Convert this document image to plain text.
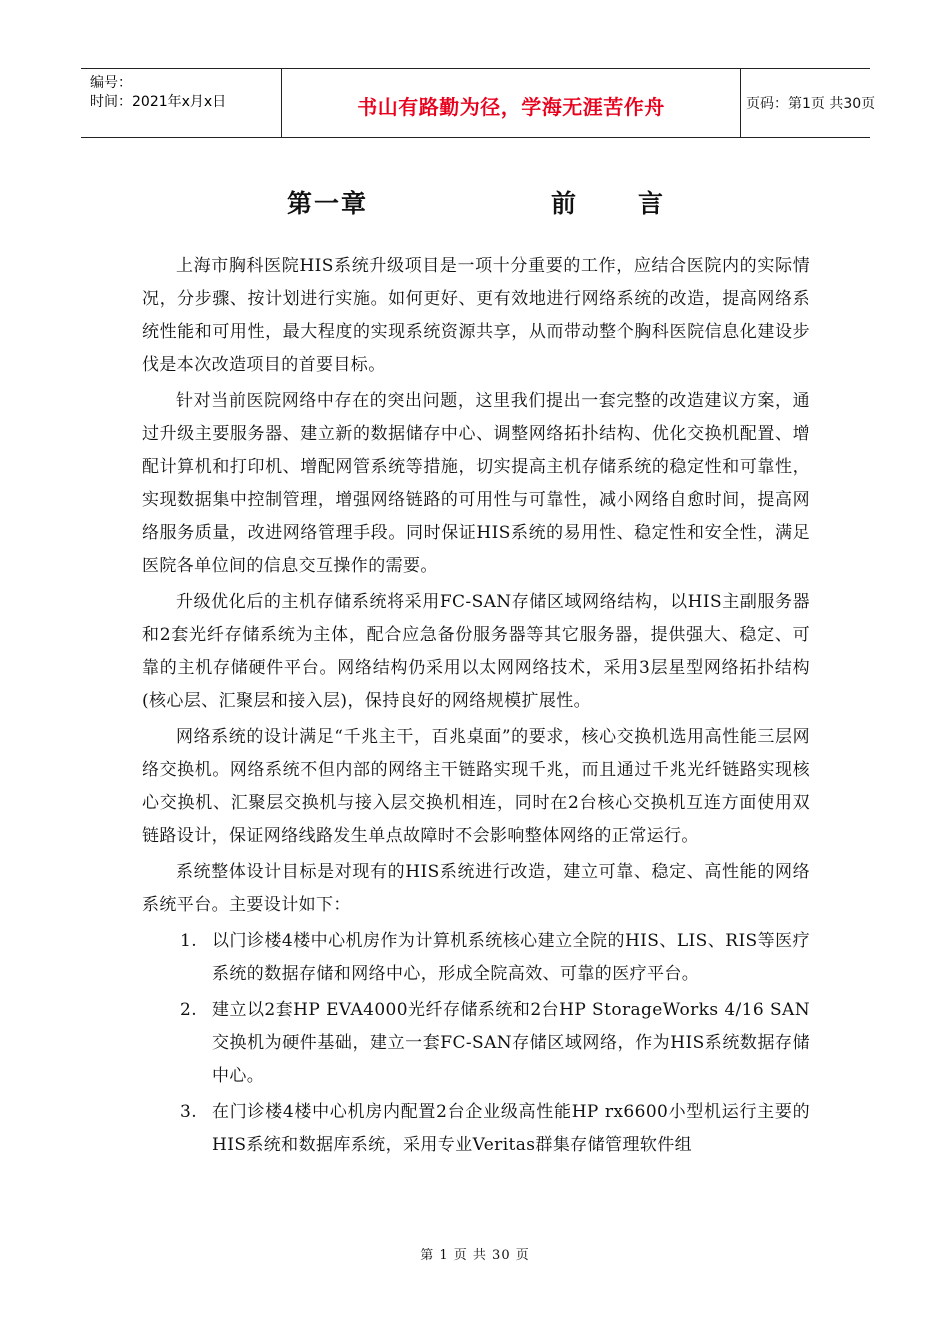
编号：
时间：2021年x月x日	书山有路勤为径，学海无涯苦作舟	页码：第1页 共30页
第一章	前 言

上海市胸科医院HIS系统升级项目是一项十分重要的工作，应结合医院内的实际情况，分步骤、按计划进行实施。如何更好、更有效地进行网络系统的改造，提高网络系统性能和可用性，最大程度的实现系统资源共享，从而带动整个胸科医院信息化建设步伐是本次改造项目的首要目标。

针对当前医院网络中存在的突出问题，这里我们提出一套完整的改造建议方案，通过升级主要服务器、建立新的数据储存中心、调整网络拓扑结构、优化交换机配置、增配计算机和打印机、增配网管系统等措施，切实提高主机存储系统的稳定性和可靠性，实现数据集中控制管理，增强网络链路的可用性与可靠性，减小网络自愈时间，提高网络服务质量，改进网络管理手段。同时保证HIS系统的易用性、稳定性和安全性，满足医院各单位间的信息交互操作的需要。

升级优化后的主机存储系统将采用FC-SAN存储区域网络结构，以HIS主副服务器和2套光纤存储系统为主体，配合应急备份服务器等其它服务器，提供强大、稳定、可靠的主机存储硬件平台。网络结构仍采用以太网网络技术，采用3层星型网络拓扑结构(核心层、汇聚层和接入层)，保持良好的网络规模扩展性。

网络系统的设计满足“千兆主干，百兆桌面”的要求，核心交换机选用高性能三层网络交换机。网络系统不但内部的网络主干链路实现千兆，而且通过千兆光纤链路实现核心交换机、汇聚层交换机与接入层交换机相连，同时在2台核心交换机互连方面使用双链路设计，保证网络线路发生单点故障时不会影响整体网络的正常运行。

系统整体设计目标是对现有的HIS系统进行改造，建立可靠、稳定、高性能的网络系统平台。主要设计如下：

1. 以门诊楼4楼中心机房作为计算机系统核心建立全院的HIS、LIS、RIS等医疗系统的数据存储和网络中心，形成全院高效、可靠的医疗平台。
2. 建立以2套HP EVA4000光纤存储系统和2台HP StorageWorks 4/16 SAN 交换机为硬件基础，建立一套FC-SAN存储区域网络，作为HIS系统数据存储中心。
3. 在门诊楼4楼中心机房内配置2台企业级高性能HP rx6600小型机运行主要的HIS系统和数据库系统，采用专业Veritas群集存储管理软件组
第 1 页 共 30 页
